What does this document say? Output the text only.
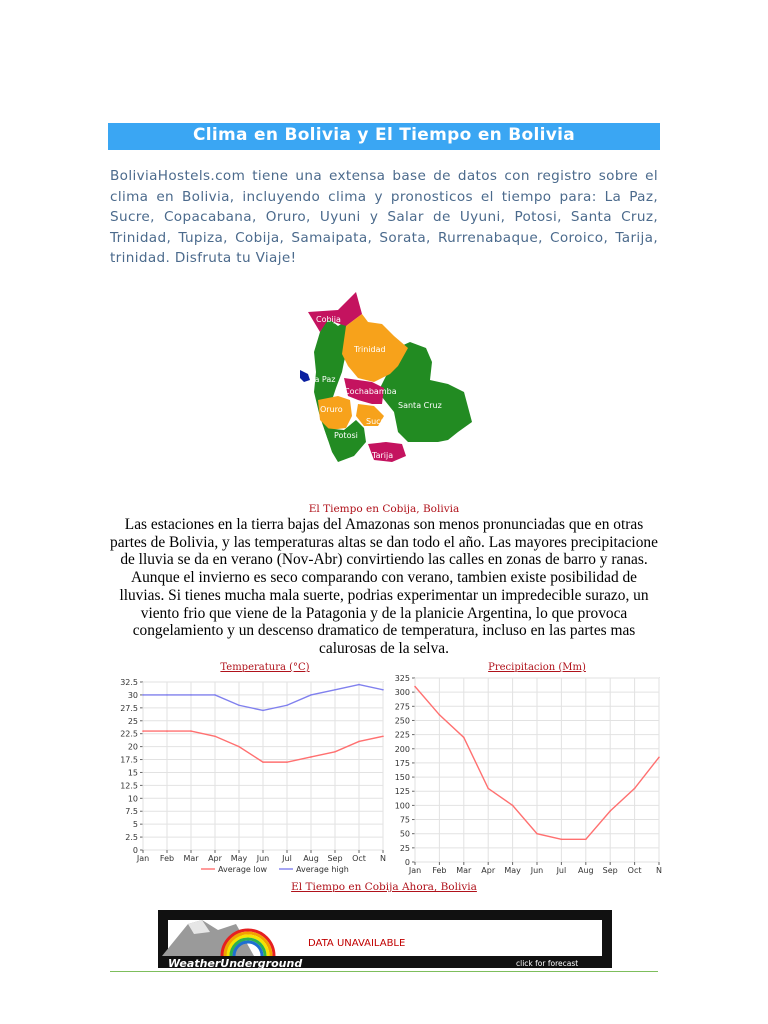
Clima en Bolivia y El Tiempo en Bolivia
BoliviaHostels.com tiene una extensa base de datos con registro sobre el clima en Bolivia, incluyendo clima y pronosticos el tiempo para: La Paz, Sucre, Copacabana, Oruro, Uyuni y Salar de Uyuni, Potosi, Santa Cruz, Trinidad, Tupiza, Cobija, Samaipata, Sorata, Rurrenabaque, Coroico, Tarija, trinidad. Disfruta tu Viaje!
Cobija
Trinidad
La Paz
Cochabamba
Santa Cruz
Oruro
Sucre
Potosi
Tarija
El Tiempo en Cobija, Bolivia
Las estaciones en la tierra bajas del Amazonas son menos pronunciadas que en otras partes de Bolivia, y las temperaturas altas se dan todo el año. Las mayores precipitacione de lluvia se da en verano (Nov-Abr) convirtiendo las calles en zonas de barro y ranas. Aunque el invierno es seco comparando con verano, tambien existe posibilidad de lluvias. Si tienes mucha mala suerte, podrias experimentar un impredecible surazo, un viento frio que viene de la Patagonia y de la planicie Argentina, lo que provoca congelamiento y un descenso dramatico de temperatura, incluso en las partes mas calurosas de la selva.
Temperatura (°C)	Precipitacion (Mm)
0
2.5
5
7.5
10
12.5
15
17.5
20
22.5
25
27.5
30
32.5
Jan Feb Mar Apr May Jun Jul Aug Sep Oct N
Average low	Average high
0
25
50
75
100
125
150
175
200
225
250
275
300
325
Jan Feb Mar Apr May Jun Jul Aug Sep Oct N
El Tiempo en Cobija Ahora, Bolivia
WeatherUnderground
DATA UNAVAILABLE
click for forecast
